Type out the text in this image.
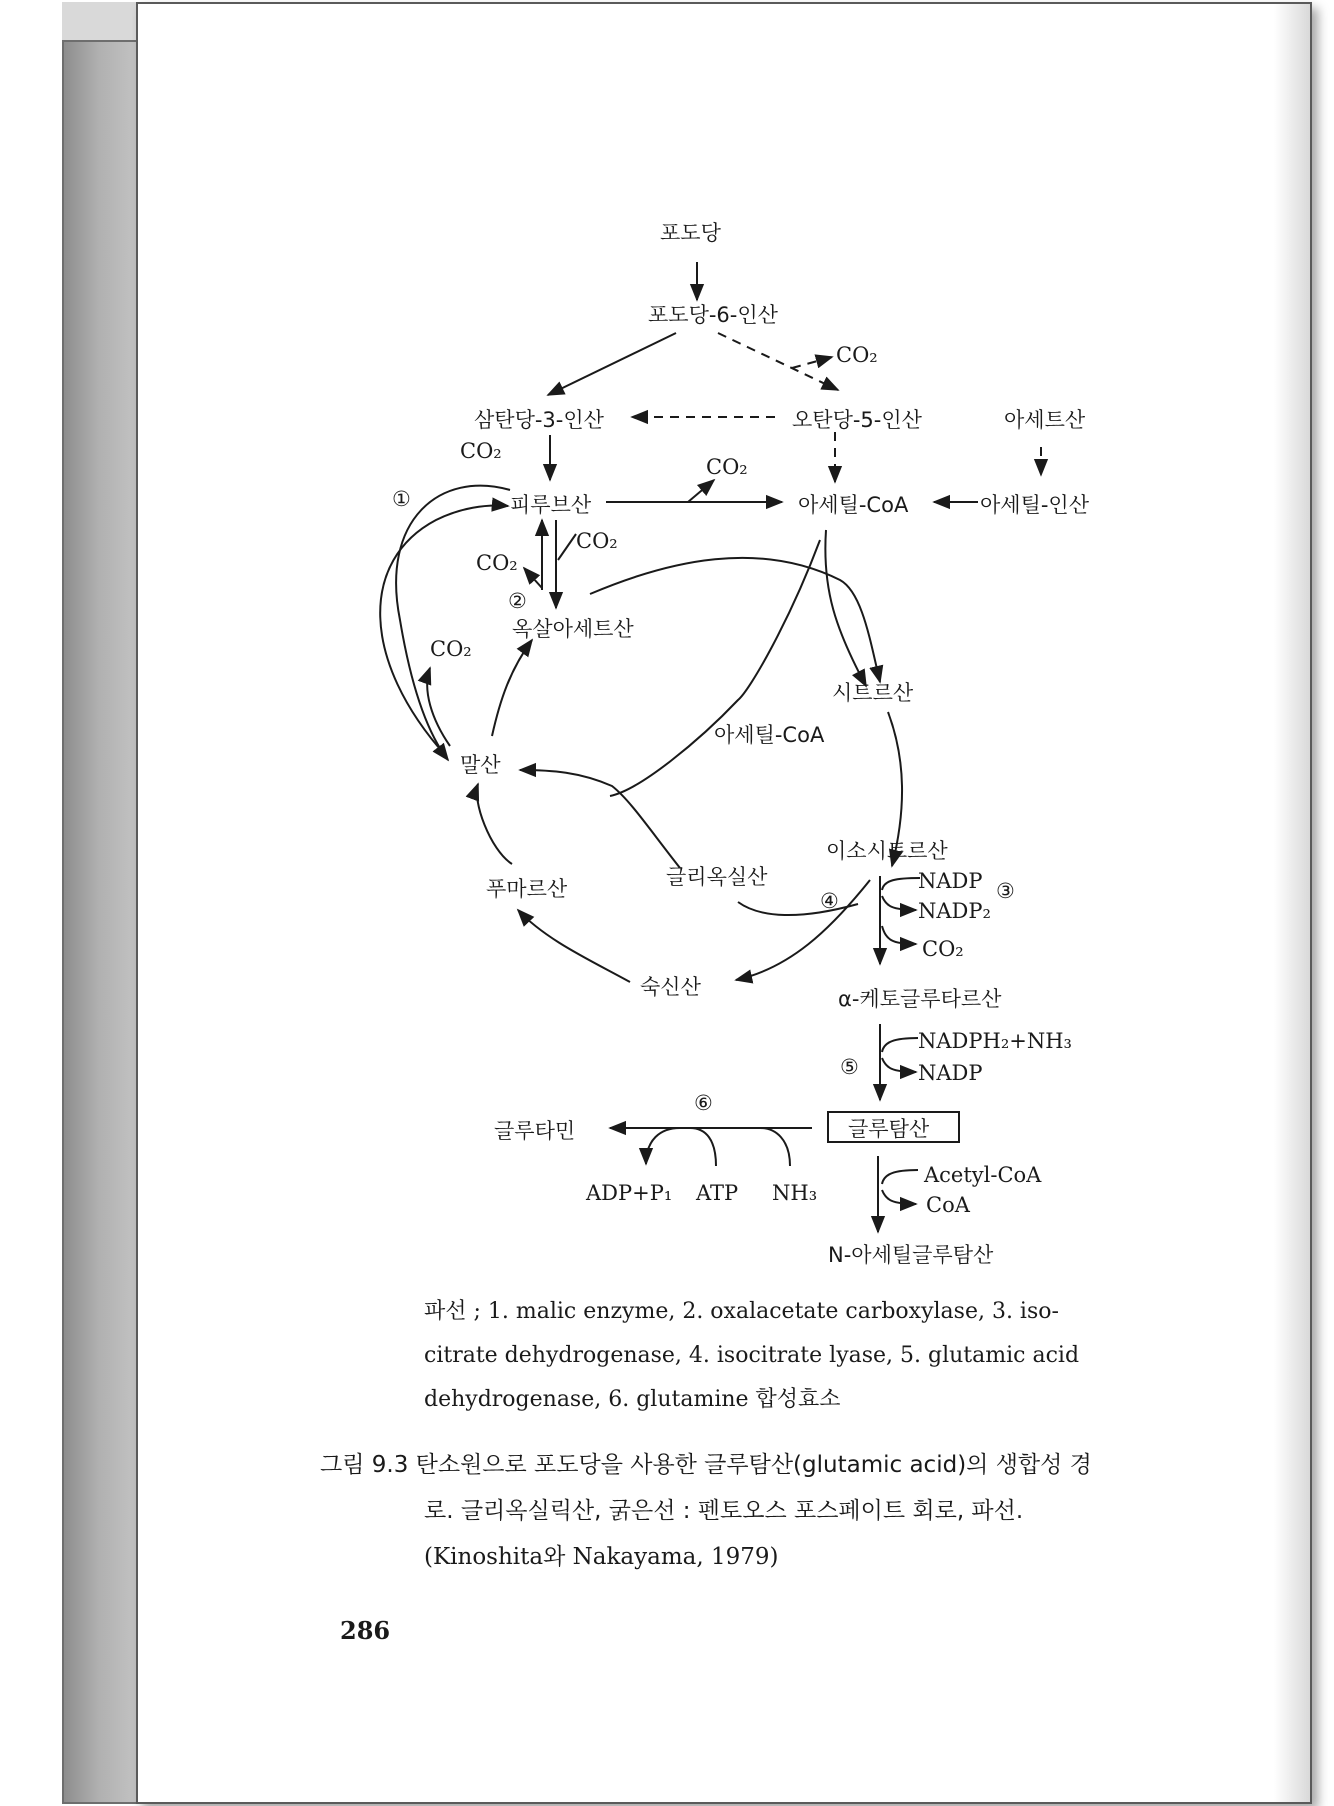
포도당
포도당-6-인산
CO₂
삼탄당-3-인산	오탄당-5-인산	아세트산
CO₂
①	피루브산
CO₂
아세틸-CoA	아세틸-인산
CO₂
CO₂
②
옥살아세트산
CO₂
시트르산
아세틸-CoA
말산
이소시트르산
글리옥실산	NADP ③
푸마르산	④	NADP₂
CO₂
숙신산	α-케토글루타르산
NADPH₂+NH₃
⑤	NADP
⑥
글루타민	글루탐산
Acetyl-CoA
ADP+P₁ ATP NH₃	CoA
N-아세틸글루탐산
파선 ; 1. malic enzyme, 2. oxalacetate carboxylase, 3. iso-
citrate dehydrogenase, 4. isocitrate lyase, 5. glutamic acid
dehydrogenase, 6. glutamine 합성효소
그림 9.3 탄소원으로 포도당을 사용한 글루탐산(glutamic acid)의 생합성 경
로. 글리옥실릭산, 굵은선 : 펜토오스 포스페이트 회로, 파선.
(Kinoshita와 Nakayama, 1979)
286
